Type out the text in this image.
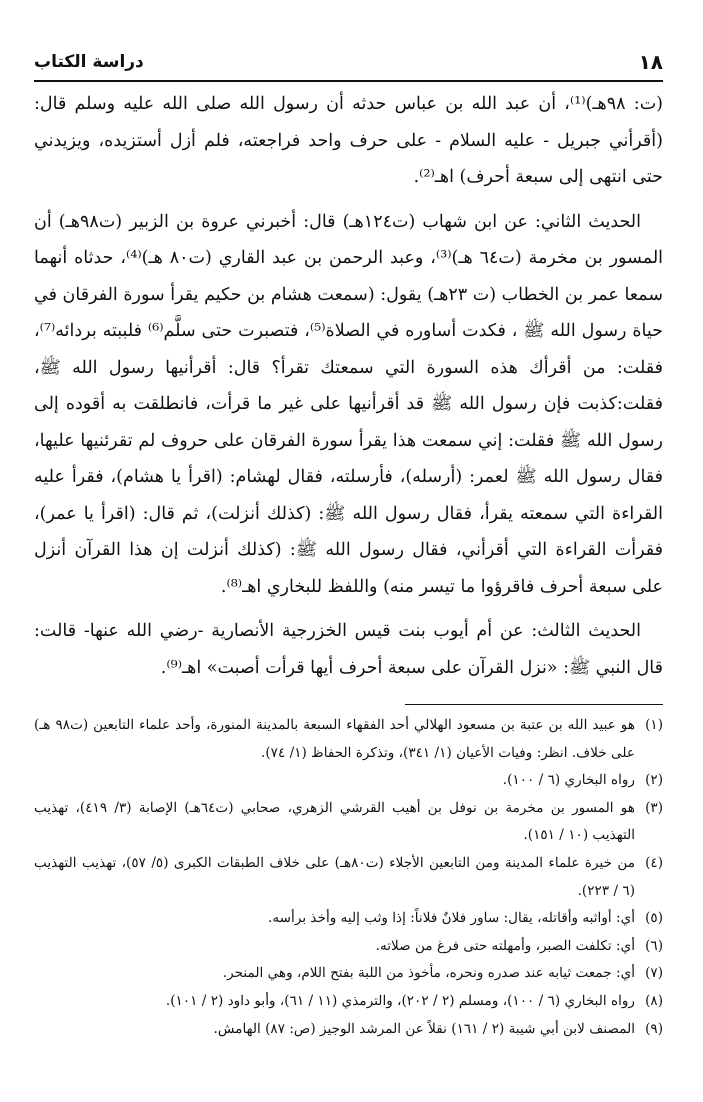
١٨
دراسة الكتاب

(ت: ٩٨هـ)⁽¹⁾، أن عبد الله بن عباس حدثه أن رسول الله صلى الله عليه وسلم قال: (أقرأني جبريل - عليه السلام - على حرف واحد فراجعته، فلم أزل أستزيده، ويزيدني حتى انتهى إلى سبعة أحرف) اهـ⁽²⁾.

الحديث الثاني: عن ابن شهاب (ت١٢٤هـ) قال: أخبرني عروة بن الزبير (ت٩٨هـ) أن المسور بن مخرمة (ت٦٤ هـ)⁽³⁾، وعبد الرحمن بن عبد القاري (ت٨٠ هـ)⁽⁴⁾، حدثاه أنهما سمعا عمر بن الخطاب (ت ٢٣هـ) يقول: (سمعت هشام بن حكيم يقرأ سورة الفرقان في حياة رسول الله ﷺ ، فكدت أساوره في الصلاة⁽⁵⁾، فتصبرت حتى سلَّم⁽⁶⁾ فلببته بردائه⁽⁷⁾، فقلت: من أقرأك هذه السورة التي سمعتك تقرأ؟ قال: أقرأنيها رسول الله ﷺ، فقلت:كذبت فإن رسول الله ﷺ قد أقرأنيها على غير ما قرأت، فانطلقت به أقوده إلى رسول الله ﷺ فقلت: إني سمعت هذا يقرأ سورة الفرقان على حروف لم تقرئنيها عليها، فقال رسول الله ﷺ لعمر: (أرسله)، فأرسلته، فقال لهشام: (اقرأ يا هشام)، فقرأ عليه القراءة التي سمعته يقرأ، فقال رسول الله ﷺ: (كذلك أنزلت)، ثم قال: (اقرأ يا عمر)، فقرأت القراءة التي أقرأني، فقال رسول الله ﷺ: (كذلك أنزلت إن هذا القرآن أنزل على سبعة أحرف فاقرؤوا ما تيسر منه) واللفظ للبخاري اهـ⁽⁸⁾.

الحديث الثالث: عن أم أيوب بنت قيس الخزرجية الأنصارية -رضي الله عنها- قالت: قال النبي ﷺ: «نزل القرآن على سبعة أحرف أيها قرأت أصبت» اهـ⁽⁹⁾.

(١)
هو عبيد الله بن عتبة بن مسعود الهلالي أحد الفقهاء السبعة بالمدينة المنورة، وأحد علماء التابعين (ت٩٨ هـ) على خلاف. انظر: وفيات الأعيان (١/ ٣٤١)، وتذكرة الحفاظ (١/ ٧٤).

(٢)
رواه البخاري (٦ / ١٠٠).

(٣)
هو المسور بن مخرمة بن نوفل بن أهيب القرشي الزهري، صحابي (ت٦٤هـ) الإصابة (٣/ ٤١٩)، تهذيب التهذيب (١٠ / ١٥١).

(٤)
من خيرة علماء المدينة ومن التابعين الأجلاء (ت٨٠هـ) على خلاف الطبقات الكبرى (٥/ ٥٧)، تهذيب التهذيب (٦ / ٢٢٣).

(٥)
أي: أواثبه وأقاتله، يقال: ساور فلانٌ فلاناً: إذا وثب إليه وأخذ برأسه.

(٦)
أي: تكلفت الصبر، وأمهلته حتى فرغ من صلاته.

(٧)
أي: جمعت ثيابه عند صدره ونحره، مأخوذ من اللبة بفتح اللام، وهي المنحر.

(٨)
رواه البخاري (٦ / ١٠٠)، ومسلم (٢ / ٢٠٢)، والترمذي (١١ / ٦١)، وأبو داود (٢ / ١٠١).

(٩)
المصنف لابن أبي شيبة (٢ / ١٦١) نقلاً عن المرشد الوجيز (ص: ٨٧) الهامش.
